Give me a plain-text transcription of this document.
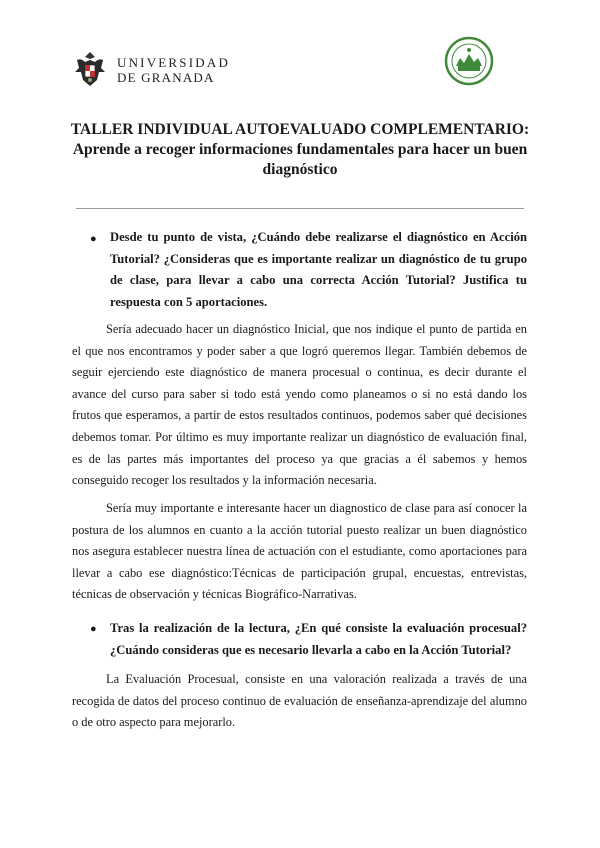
UNIVERSIDAD
DE GRANADA
TALLER INDIVIDUAL AUTOEVALUADO COMPLEMENTARIO:
Aprende a recoger informaciones fundamentales para hacer un buen diagnóstico
● Desde tu punto de vista, ¿Cuándo debe realizarse el diagnóstico en Acción Tutorial? ¿Consideras que es importante realizar un diagnóstico de tu grupo de clase, para llevar a cabo una correcta Acción Tutorial? Justifica tu respuesta con 5 aportaciones.
Sería adecuado hacer un diagnóstico Inicial, que nos indique el punto de partida en el que nos encontramos y poder saber a que logró queremos llegar. También debemos de seguir ejerciendo este diagnóstico de manera procesual o continua, es decir durante el avance del curso para saber si todo está yendo como planeamos o si no está dando los frutos que esperamos, a partir de estos resultados continuos, podemos saber qué decisiones debemos tomar. Por último es muy importante realizar un diagnóstico de evaluación final, es de las partes más importantes del proceso ya que gracias a él sabemos y hemos conseguido recoger los resultados y la información necesaria.
Sería muy importante e interesante hacer un diagnostico de clase para así conocer la postura de los alumnos en cuanto a la acción tutorial puesto realizar un buen diagnóstico nos asegura establecer nuestra línea de actuación con el estudiante, como aportaciones para llevar a cabo ese diagnóstico:Técnicas de participación grupal, encuestas, entrevistas, técnicas de observación y técnicas Biográfico-Narrativas.
● Tras la realización de la lectura, ¿En qué consiste la evaluación procesual? ¿Cuándo consideras que es necesario llevarla a cabo en la Acción Tutorial?
La Evaluación Procesual, consiste en una valoración realizada a través de una recogida de datos del proceso continuo de evaluación de enseñanza-aprendizaje del alumno o de otro aspecto para mejorarlo.
